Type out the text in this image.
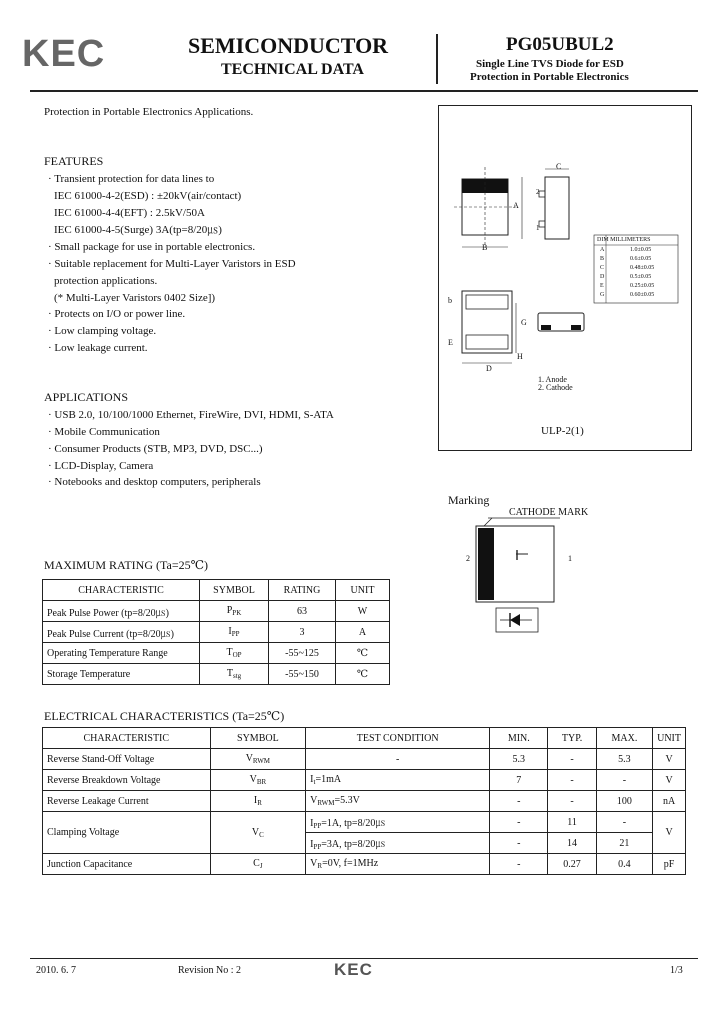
KEC	SEMICONDUCTOR
TECHNICAL DATA
PG05UBUL2
Single Line TVS Diode for ESD
Protection in Portable Electronics
Protection in Portable Electronics Applications.
FEATURES
· Transient protection for data lines to
IEC 61000-4-2(ESD) : ±20kV(air/contact)
IEC 61000-4-4(EFT) : 2.5kV/50A
IEC 61000-4-5(Surge) 3A(tp=8/20㎲)
· Small package for use in portable electronics.
· Suitable replacement for Multi-Layer Varistors in ESD
protection applications.
(* Multi-Layer Varistors 0402 Size])
· Protects on I/O or power line.
· Low clamping voltage.
· Low leakage current.
APPLICATIONS
· USB 2.0, 10/100/1000 Ethernet, FireWire, DVI, HDMI, S-ATA
· Mobile Communication
· Consumer Products (STB, MP3, DVD, DSC...)
· LCD-Display, Camera
· Notebooks and desktop computers, peripherals
C
A
B
2
1
b
E
G
H
D
DIM MILLIMETERS
A	1.0±0.05
B	0.6±0.05
C	0.48±0.05
D	0.5±0.05
E	0.25±0.05
G	0.60±0.05
1. Anode
2. Cathode
ULP-2(1)
Marking
CATHODE MARK
2	1
MAXIMUM RATING (Ta=25℃)
CHARACTERISTIC	SYMBOL	RATING	UNIT
Peak Pulse Power (tp=8/20㎲)	$P_{PK}$	63	W
Peak Pulse Current (tp=8/20㎲)	$I_{PP}$	3	A
Operating Temperature Range	$T_{OP}$	-55~125	℃
Storage Temperature	$T_{stg}$	-55~150	℃
ELECTRICAL CHARACTERISTICS (Ta=25℃)
CHARACTERISTIC	SYMBOL	TEST CONDITION	MIN.	TYP.	MAX.	UNIT
Reverse Stand-Off Voltage	$V_{RWM}$	-	5.3	-	5.3	V
Reverse Breakdown Voltage	$V_{BR}$	$I_t=1mA$	7	-	-	V
Reverse Leakage Current	$I_R$	$V_{RWM}=5.3V$	-	-	100	nA
Clamping Voltage	$V_C$	$I_{PP}=1A$, tp=8/20㎲	-	11	-	V
		$I_{PP}=3A$, tp=8/20㎲	-	14	21	
Junction Capacitance	$C_J$	$V_R=0V$, f=1MHz	-	0.27	0.4	pF
2010. 6. 7	Revision No : 2	KEC	1/3
